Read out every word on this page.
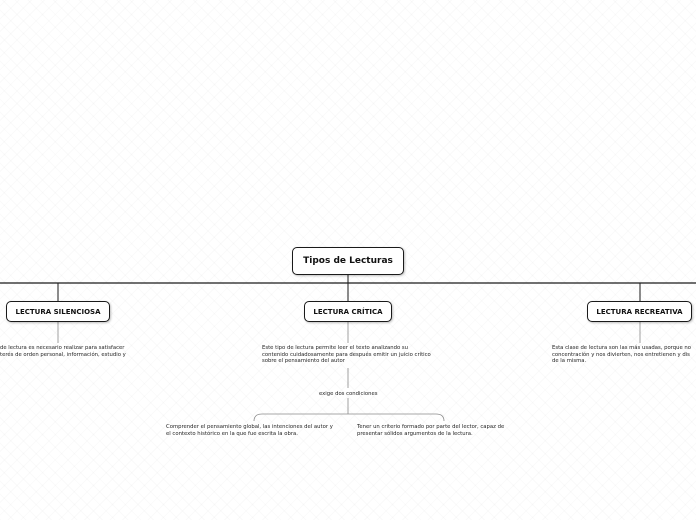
Tipos de Lecturas
LECTURA SILENCIOSA	LECTURA CRÍTICA	LECTURA RECREATIVA
de lectura es necesario realizar para satisfacer
terés de orden personal, información, estudio y
Este tipo de lectura permite leer el texto analizando su
contenido cuidadosamente para después emitir un juicio crítico
sobre el pensamiento del autor
Esta clase de lectura son las más usadas, porque no
concentración y nos divierten, nos entretienen y dis
de la misma.
exige dos condiciones
Comprender el pensamiento global, las intenciones del autor y
el contexto histórico en la que fue escrita la obra.
Tener un criterio formado por parte del lector, capaz de
presentar sólidos argumentos de la lectura.
